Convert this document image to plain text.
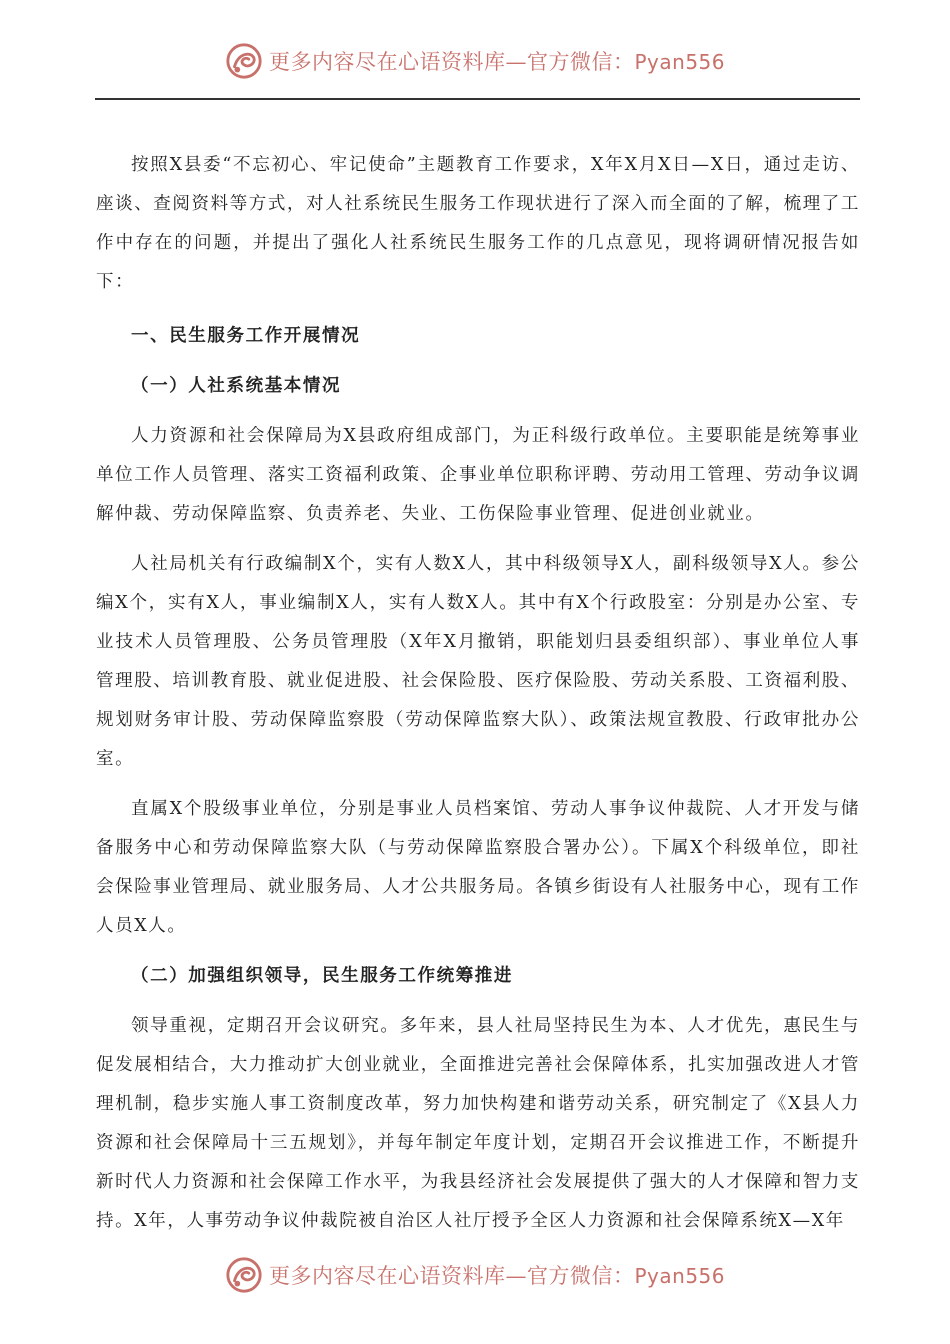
更多内容尽在心语资料库—官方微信：Pyan556

按照Ⅹ县委“不忘初心、牢记使命”主题教育工作要求，Ⅹ年Ⅹ月Ⅹ日—Ⅹ日，通过走访、座谈、查阅资料等方式，对人社系统民生服务工作现状进行了深入而全面的了解，梳理了工作中存在的问题，并提出了强化人社系统民生服务工作的几点意见，现将调研情况报告如下：

一、民生服务工作开展情况
（一）人社系统基本情况

人力资源和社会保障局为Ⅹ县政府组成部门，为正科级行政单位。主要职能是统筹事业单位工作人员管理、落实工资福利政策、企事业单位职称评聘、劳动用工管理、劳动争议调解仲裁、劳动保障监察、负责养老、失业、工伤保险事业管理、促进创业就业。

人社局机关有行政编制Ⅹ个，实有人数Ⅹ人，其中科级领导Ⅹ人，副科级领导Ⅹ人。参公编Ⅹ个，实有Ⅹ人，事业编制Ⅹ人，实有人数Ⅹ人。其中有Ⅹ个行政股室：分别是办公室、专业技术人员管理股、公务员管理股（Ⅹ年Ⅹ月撤销，职能划归县委组织部）、事业单位人事管理股、培训教育股、就业促进股、社会保险股、医疗保险股、劳动关系股、工资福利股、规划财务审计股、劳动保障监察股（劳动保障监察大队）、政策法规宣教股、行政审批办公室。

直属Ⅹ个股级事业单位，分别是事业人员档案馆、劳动人事争议仲裁院、人才开发与储备服务中心和劳动保障监察大队（与劳动保障监察股合署办公）。下属Ⅹ个科级单位，即社会保险事业管理局、就业服务局、人才公共服务局。各镇乡街设有人社服务中心，现有工作人员Ⅹ人。

（二）加强组织领导，民生服务工作统筹推进

领导重视，定期召开会议研究。多年来，县人社局坚持民生为本、人才优先，惠民生与促发展相结合，大力推动扩大创业就业，全面推进完善社会保障体系，扎实加强改进人才管理机制，稳步实施人事工资制度改革，努力加快构建和谐劳动关系，研究制定了《Ⅹ县人力资源和社会保障局十三五规划》，并每年制定年度计划，定期召开会议推进工作，不断提升新时代人力资源和社会保障工作水平，为我县经济社会发展提供了强大的人才保障和智力支持。Ⅹ年，人事劳动争议仲裁院被自治区人社厅授予全区人力资源和社会保障系统Ⅹ—Ⅹ年

更多内容尽在心语资料库—官方微信：Pyan556
